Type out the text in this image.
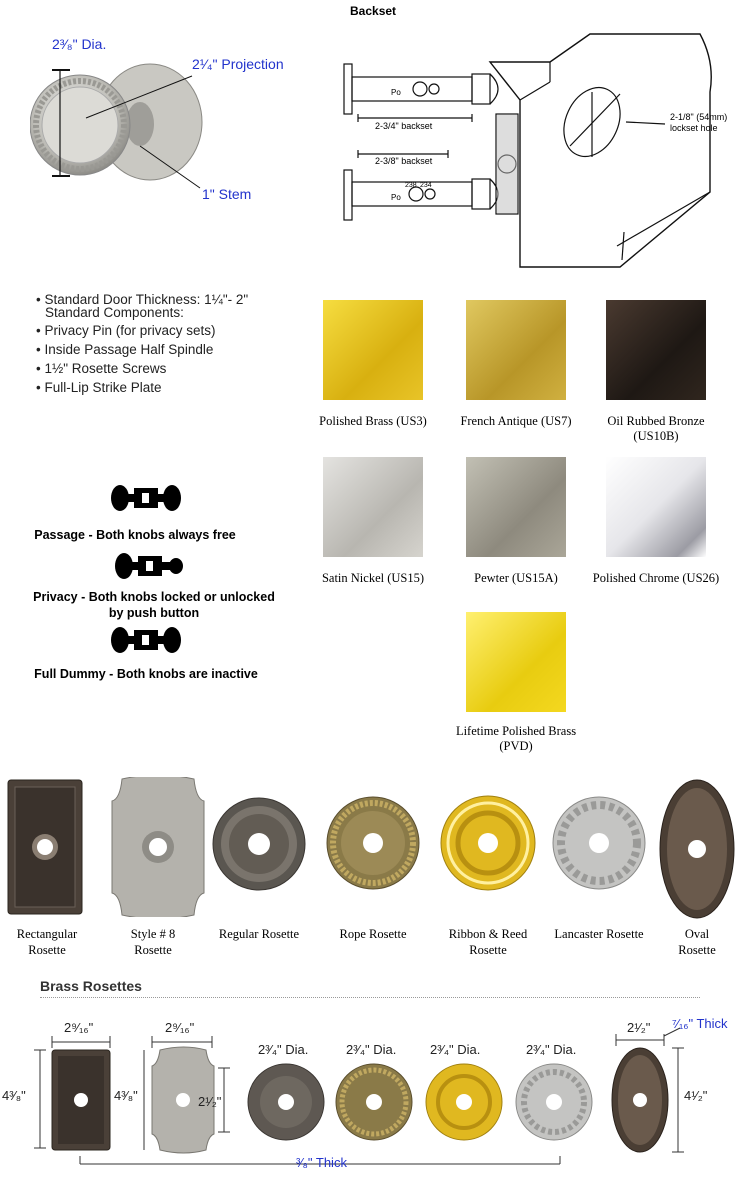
2³⁄₈" Dia.
2¹⁄₄" Projection
1" Stem
Backset
2-3/4" backset
2-3/8" backset
Po
Po
238 234
2-1/8" (54mm)
lockset hole
• Standard Door Thickness: 1¼"- 2"
Standard Components:
• Privacy Pin (for privacy sets)
• Inside Passage Half Spindle
• 1½" Rosette Screws
• Full-Lip Strike Plate
Passage - Both knobs always free
Privacy - Both knobs locked or unlocked
by push button
Full Dummy - Both knobs are inactive
Polished Brass (US3)	French Antique (US7)	Oil Rubbed Bronze
(US10B)
Satin Nickel (US15)	Pewter (US15A)	Polished Chrome (US26)
Lifetime Polished Brass
(PVD)
Rectangular
Rosette
Style # 8
Rosette
Regular Rosette	Rope Rosette	Ribbon & Reed
Rosette
Lancaster Rosette	Oval
Rosette
Brass Rosettes
2⁹⁄₁₆"
4³⁄₈"
2⁹⁄₁₆"
4³⁄₈"	2¹⁄₂"
2³⁄₄" Dia.	2³⁄₄" Dia.	2³⁄₄" Dia.	2³⁄₄" Dia.
2¹⁄₂"
4¹⁄₂"
⁷⁄₁₆" Thick
³⁄₈" Thick
